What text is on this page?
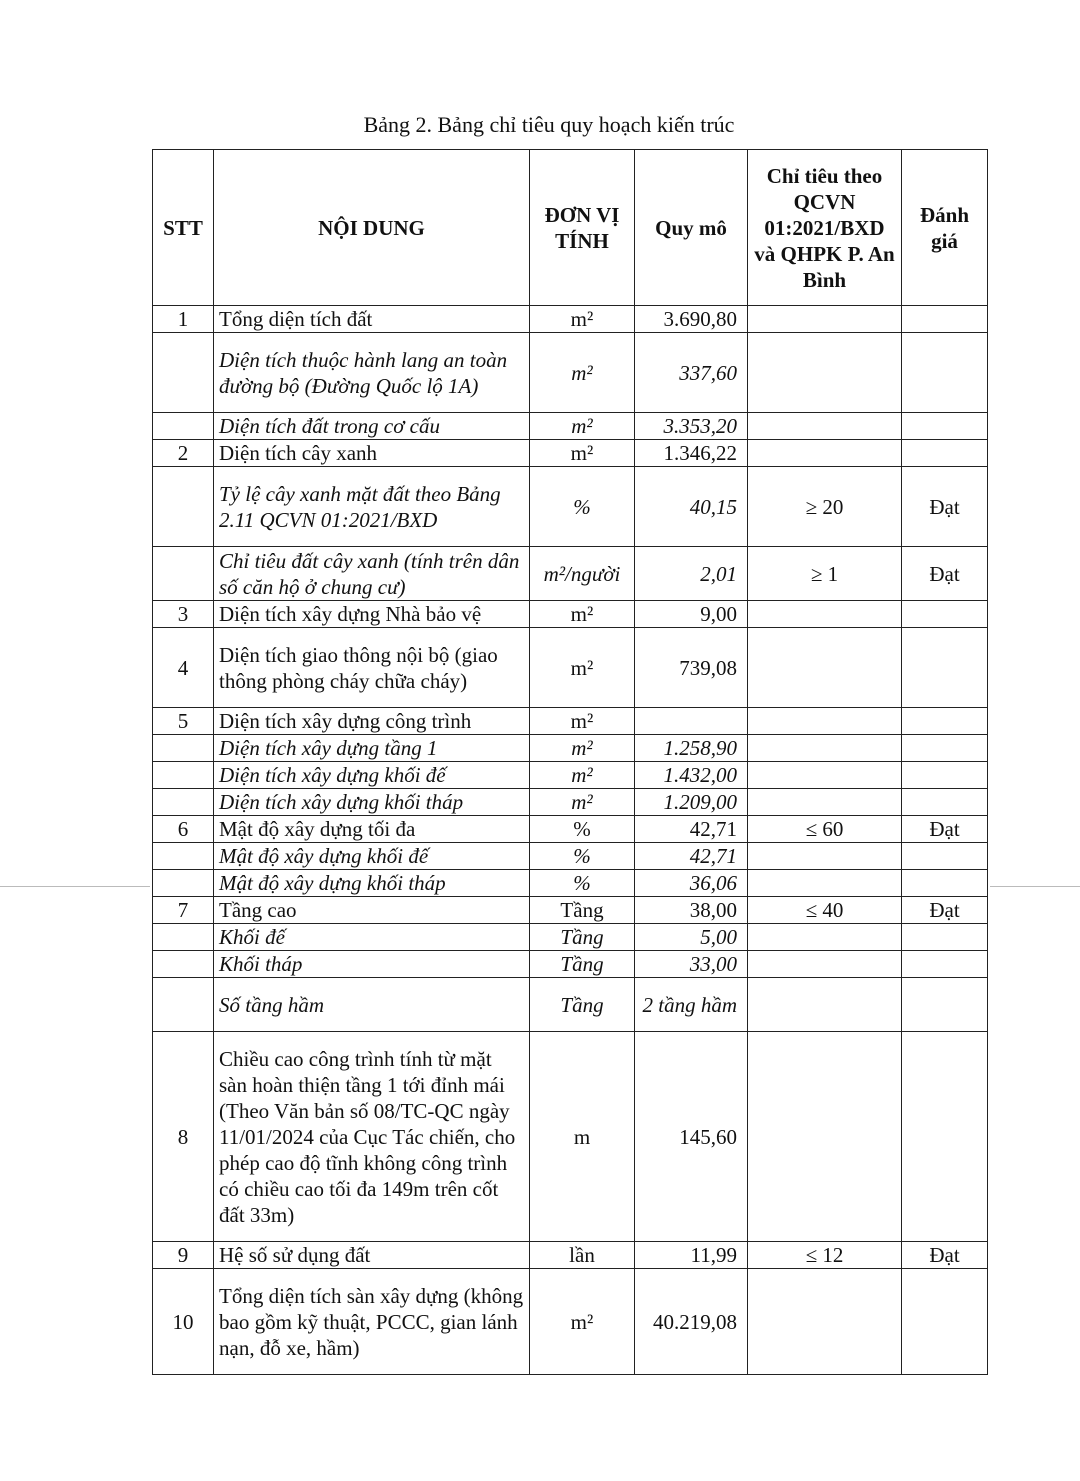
Bảng 2. Bảng chỉ tiêu quy hoạch kiến trúc
STT	NỘI DUNG	ĐƠN VỊ TÍNH	Quy mô	Chỉ tiêu theo QCVN 01:2021/BXD và QHPK P. An Bình	Đánh giá
1	Tổng diện tích đất	m²	3.690,80		
	Diện tích thuộc hành lang an toàn đường bộ (Đường Quốc lộ 1A)	m²	337,60		
	Diện tích đất trong cơ cấu	m²	3.353,20		
2	Diện tích cây xanh	m²	1.346,22		
	Tỷ lệ cây xanh mặt đất theo Bảng 2.11 QCVN 01:2021/BXD	%	40,15	≥ 20	Đạt
	Chỉ tiêu đất cây xanh (tính trên dân số căn hộ ở chung cư)	m²/người	2,01	≥ 1	Đạt
3	Diện tích xây dựng Nhà bảo vệ	m²	9,00		
4	Diện tích giao thông nội bộ (giao thông phòng cháy chữa cháy)	m²	739,08		
5	Diện tích xây dựng công trình	m²			
	Diện tích xây dựng tầng 1	m²	1.258,90		
	Diện tích xây dựng khối đế	m²	1.432,00		
	Diện tích xây dựng khối tháp	m²	1.209,00		
6	Mật độ xây dựng tối đa	%	42,71	≤ 60	Đạt
	Mật độ xây dựng khối đế	%	42,71		
	Mật độ xây dựng khối tháp	%	36,06		
7	Tầng cao	Tầng	38,00	≤ 40	Đạt
	Khối đế	Tầng	5,00		
	Khối tháp	Tầng	33,00		
	Số tầng hầm	Tầng	2 tầng hầm		
8	Chiều cao công trình tính từ mặt sàn hoàn thiện tầng 1 tới đỉnh mái (Theo Văn bản số 08/TC-QC ngày 11/01/2024 của Cục Tác chiến, cho phép cao độ tĩnh không công trình có chiều cao tối đa 149m trên cốt đất 33m)	m	145,60		
9	Hệ số sử dụng đất	lần	11,99	≤ 12	Đạt
10	Tổng diện tích sàn xây dựng (không bao gồm kỹ thuật, PCCC, gian lánh nạn, đỗ xe, hầm)	m²	40.219,08		
